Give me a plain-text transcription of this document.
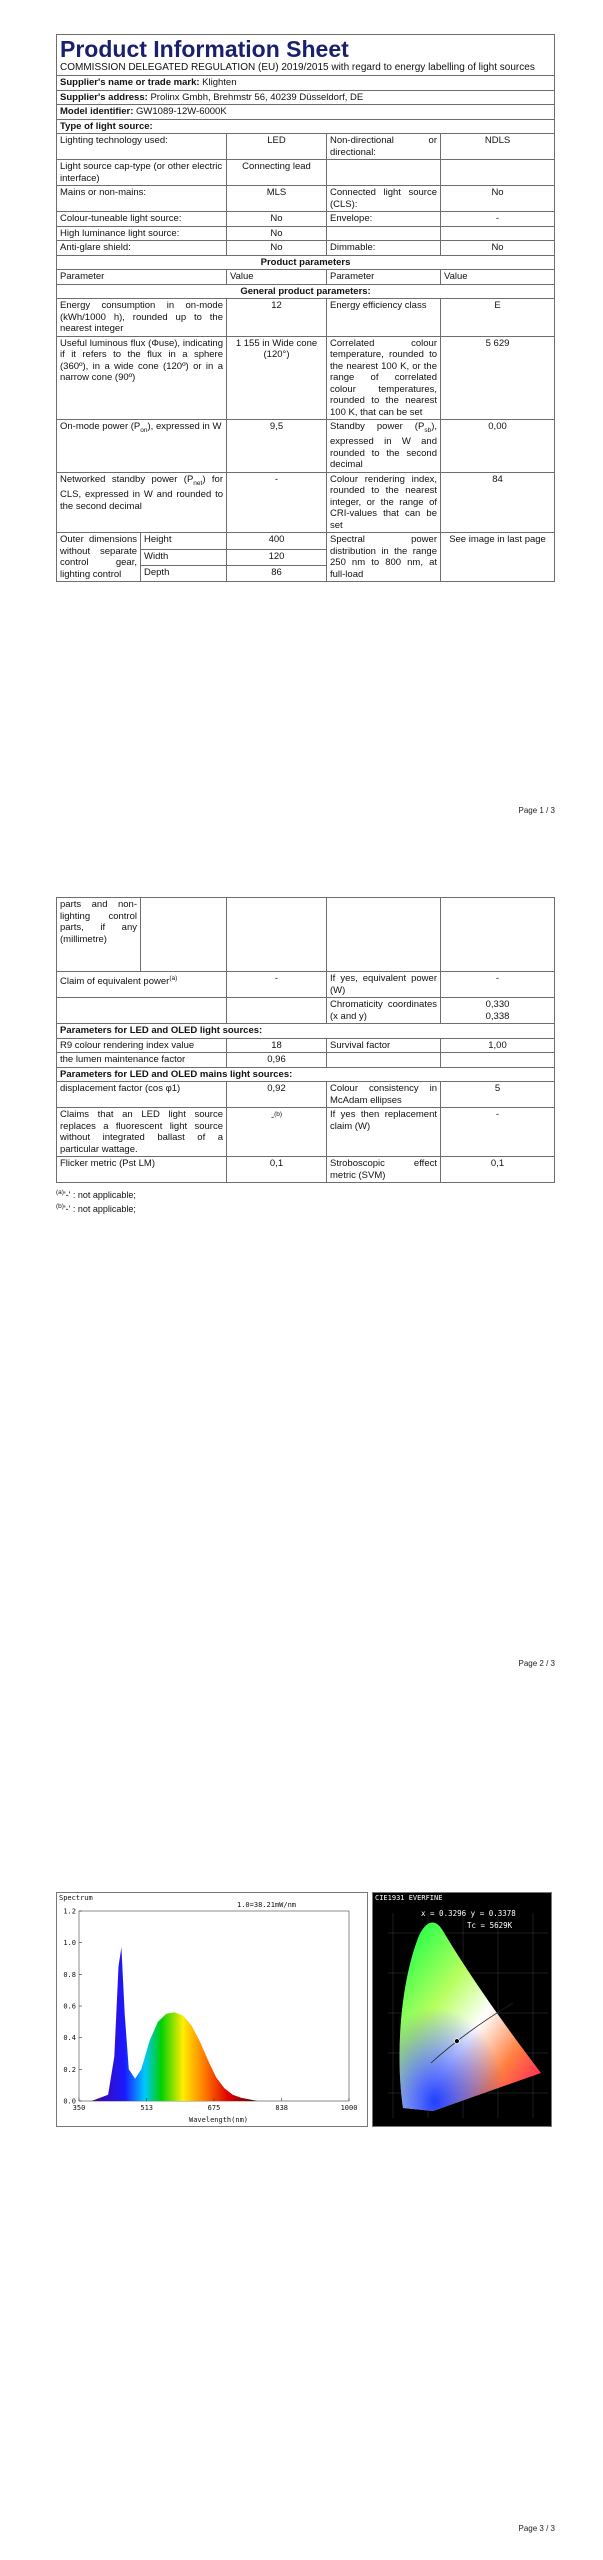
Product Information Sheet
COMMISSION DELEGATED REGULATION (EU) 2019/2015 with regard to energy labelling of light sources				

Supplier's name or trade mark: Klighten				
Supplier's address: Prolinx Gmbh, Brehmstr 56, 40239 Düsseldorf, DE				
Model identifier: GW1089-12W-6000K				
Type of light source:				
Lighting technology used:		LED	Non-directional or directional:	NDLS
Light source cap-type (or other electric interface)		Connecting lead		
Mains or non-mains:		MLS	Connected light source (CLS):	No
Colour-tuneable light source:		No	Envelope:	-
High luminance light source:		No		
Anti-glare shield:		No	Dimmable:	No
Product parameters				
Parameter		Value	Parameter	Value
General product parameters:				
Energy consumption in on-mode (kWh/1000 h), rounded up to the nearest integer		12	Energy efficiency class	E
Useful luminous flux (Φuse), indicating if it refers to the flux in a sphere (360º), in a wide cone (120º) or in a narrow cone (90º)		1 155 in Wide cone (120°)	Correlated colour temperature, rounded to the nearest 100 K, or the range of correlated colour temperatures, rounded to the nearest 100 K, that can be set	5 629
On-mode power $(P_{on})$, expressed in W		9,5	Standby power $(P_{sb})$, expressed in W and rounded to the second decimal	0,00
Networked standby power $(P_{net})$ for CLS, expressed in W and rounded to the second decimal		-	Colour rendering index, rounded to the nearest integer, or the range of CRI-values that can be set	84
Outer dimensions without separate control gear, lighting control	Height	400	Spectral power distribution in the range 250 nm to 800 nm, at full-load	See image in last page
	Width	120		
	Depth	86		
Page 1 / 3
parts and non-lighting control parts, if any (millimetre)				
Claim of equivalent power$^{(a)}$		-	If yes, equivalent power (W)	-
			Chromaticity coordinates (x and y)	0,330
0,338

Parameters for LED and OLED light sources:				
R9 colour rendering index value		18	Survival factor	1,00
the lumen maintenance factor		0,96		
Parameters for LED and OLED mains light sources:				
displacement factor (cos φ1)		0,92	Colour consistency in McAdam ellipses	5
Claims that an LED light source replaces a fluorescent light source without integrated ballast of a particular wattage.		-$^{(b)}$	If yes then replacement claim (W)	-
Flicker metric (Pst LM)		0,1	Stroboscopic effect metric (SVM)	0,1
$^{(a)}$'-' : not applicable;
$^{(b)}$'-' : not applicable;
Page 2 / 3
Spectrum
1.0=38.21mW/nm
Wavelength(nm)
0.0
0.2
0.4
0.6
0.8
1.0
1.2
350	513	675	838	1000
CIE1931 EVERFINE
x = 0.3296 y = 0.3378
Tc = 5629K
Page 3 / 3
